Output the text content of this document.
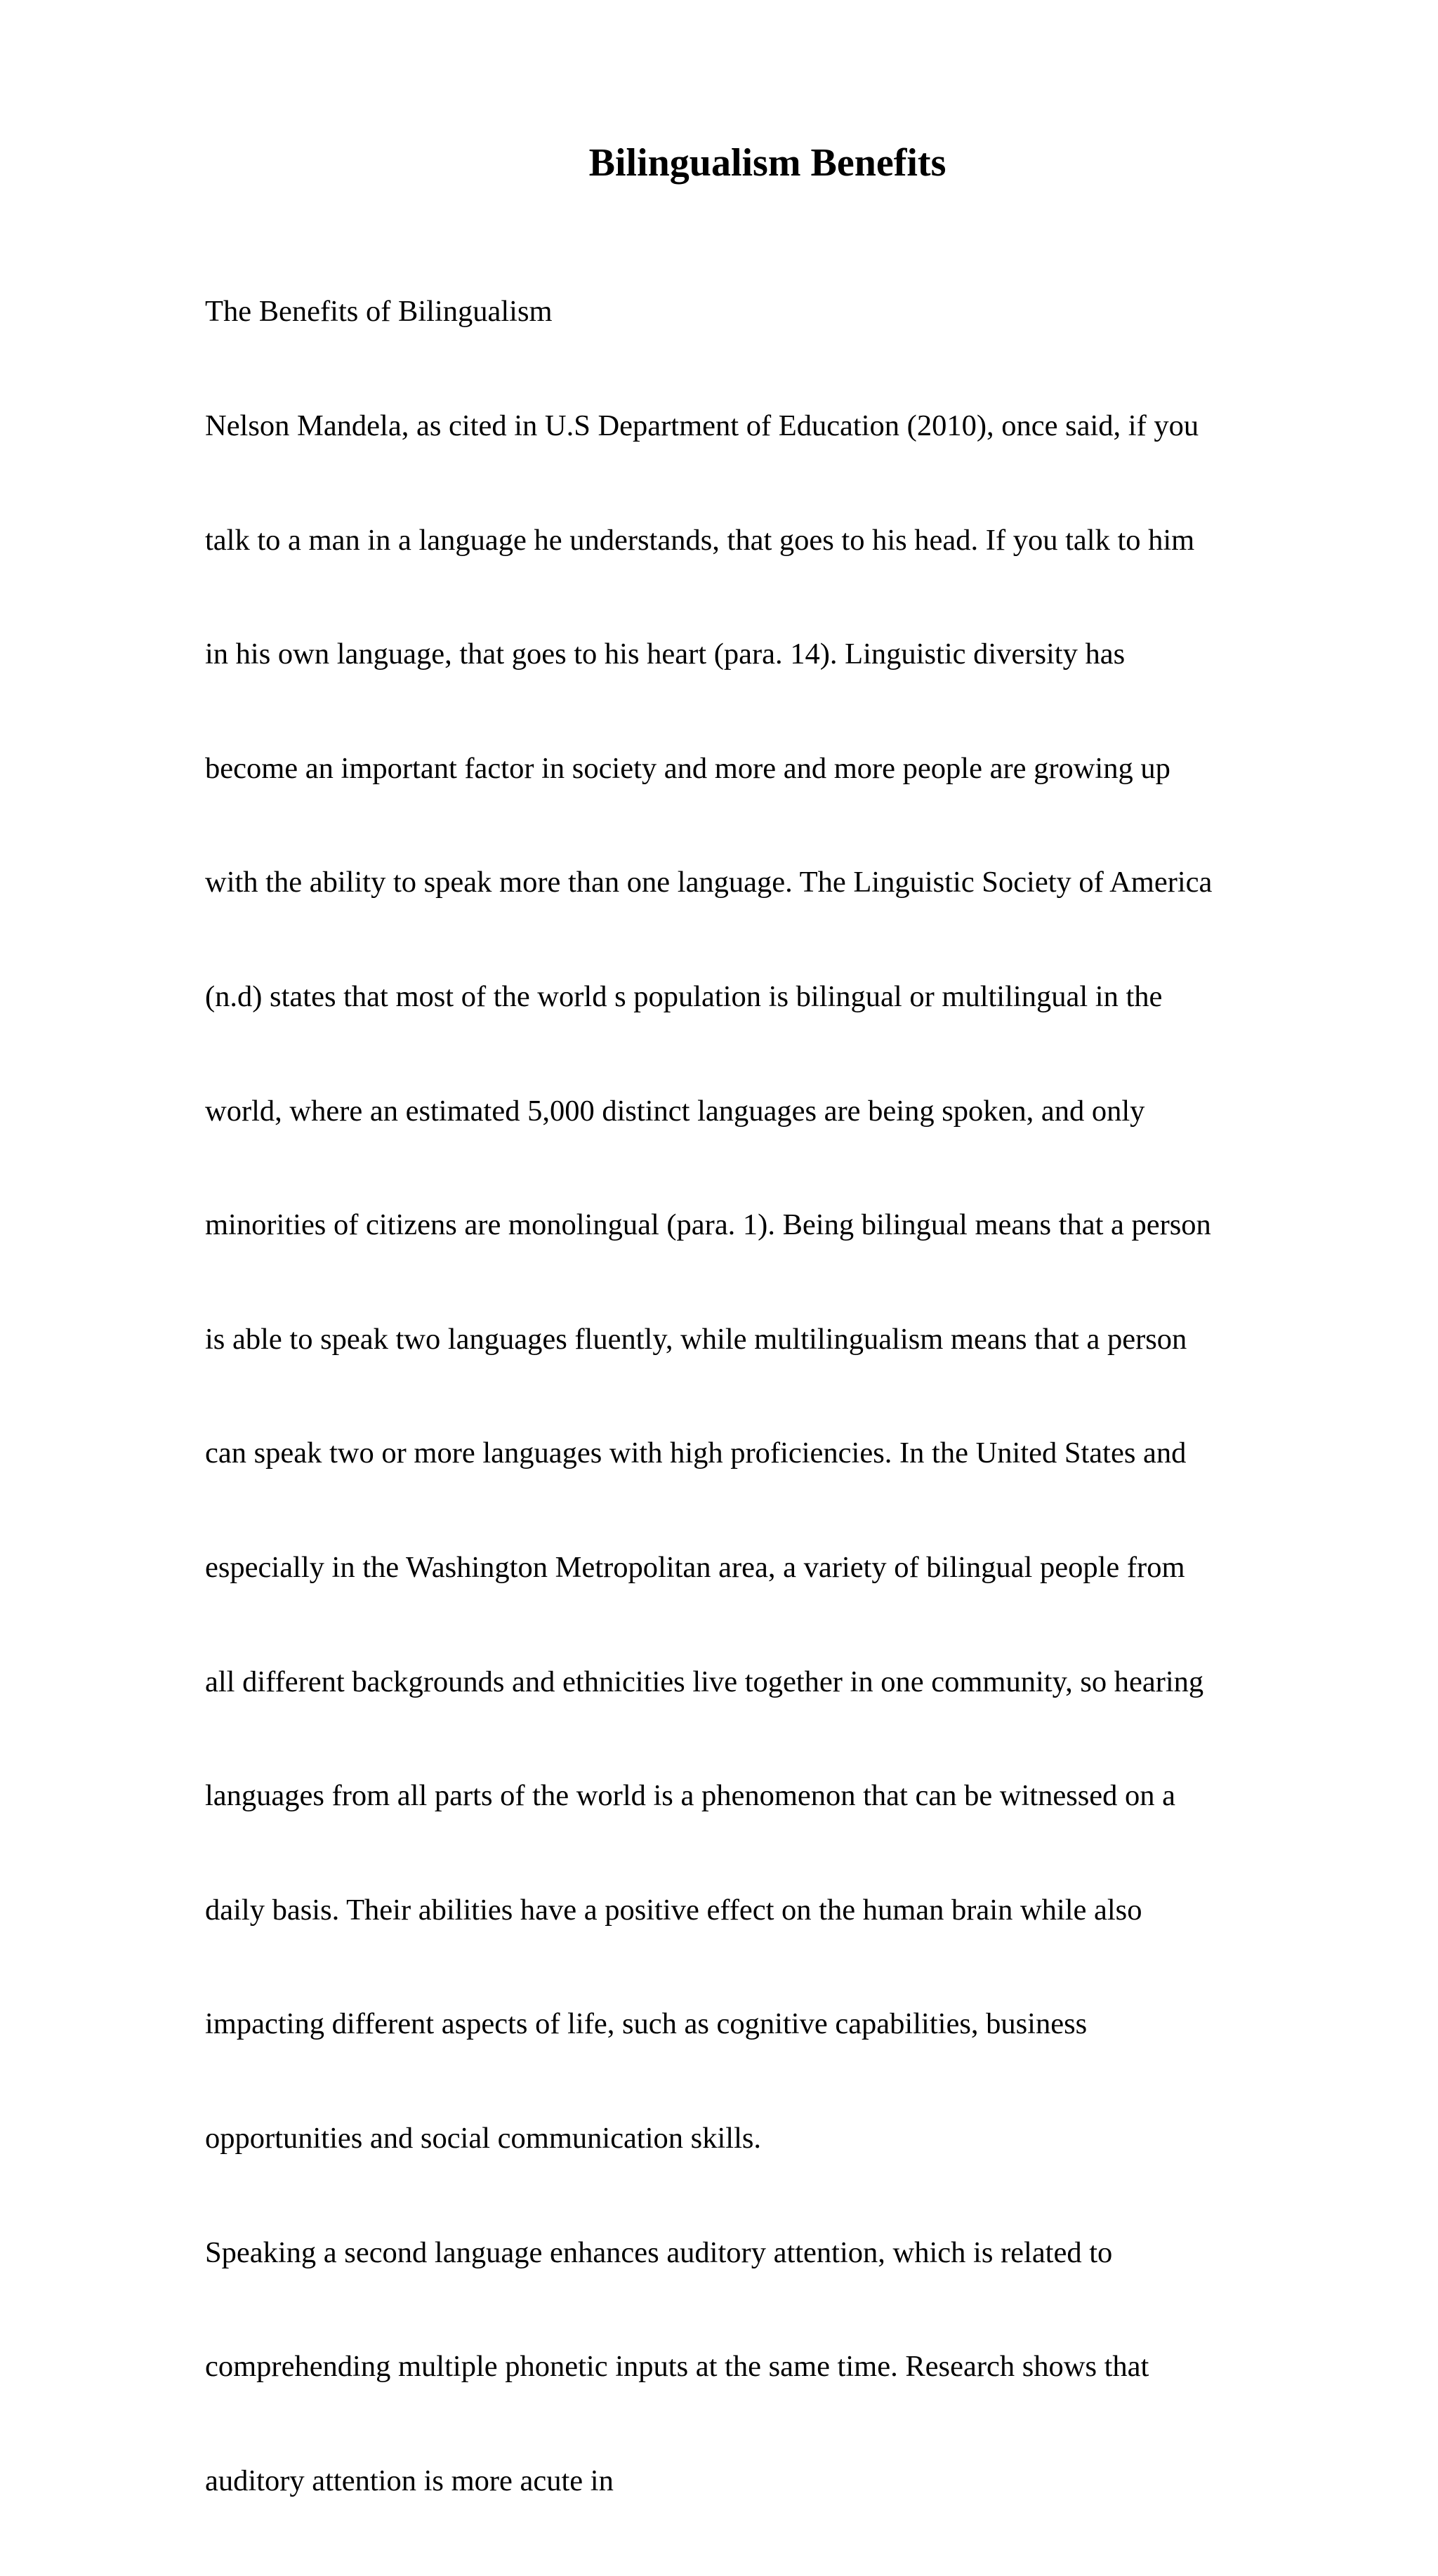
Bilingualism Benefits

The Benefits of Bilingualism

Nelson Mandela, as cited in U.S Department of Education (2010), once said, if you

talk to a man in a language he understands, that goes to his head. If you talk to him

in his own language, that goes to his heart (para. 14). Linguistic diversity has

become an important factor in society and more and more people are growing up

with the ability to speak more than one language. The Linguistic Society of America

(n.d) states that most of the world s population is bilingual or multilingual in the

world, where an estimated 5,000 distinct languages are being spoken, and only

minorities of citizens are monolingual (para. 1). Being bilingual means that a person

is able to speak two languages fluently, while multilingualism means that a person

can speak two or more languages with high proficiencies. In the United States and

especially in the Washington Metropolitan area, a variety of bilingual people from

all different backgrounds and ethnicities live together in one community, so hearing

languages from all parts of the world is a phenomenon that can be witnessed on a

daily basis. Their abilities have a positive effect on the human brain while also

impacting different aspects of life, such as cognitive capabilities, business

opportunities and social communication skills.

Speaking a second language enhances auditory attention, which is related to

comprehending multiple phonetic inputs at the same time. Research shows that

auditory attention is more acute in
